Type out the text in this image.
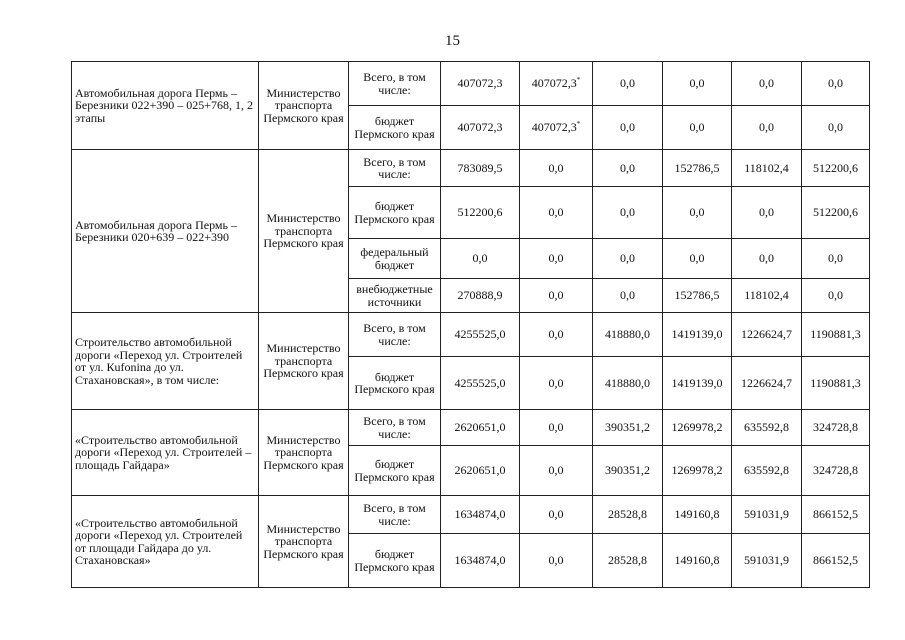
15
Автомобильная дорога Пермь – Березники 022+390 – 025+768, 1, 2 этапы	Министерство транспорта Пермского края	Всего, в том числе:	407072,3	407072,3*	0,0	0,0	0,0	0,0
		бюджет Пермского края	407072,3	407072,3*	0,0	0,0	0,0	0,0
Автомобильная дорога Пермь – Березники 020+639 – 022+390	Министерство транспорта Пермского края	Всего, в том числе:	783089,5	0,0	0,0	152786,5	118102,4	512200,6
		бюджет Пермского края	512200,6	0,0	0,0	0,0	0,0	512200,6
		федеральный бюджет	0,0	0,0	0,0	0,0	0,0	0,0
		внебюджетные источники	270888,9	0,0	0,0	152786,5	118102,4	0,0
Строительство автомобильной дороги «Переход ул. Строителей от ул. Кufonina до ул. Стахановская», в том числе:	Министерство транспорта Пермского края	Всего, в том числе:	4255525,0	0,0	418880,0	1419139,0	1226624,7	1190881,3
		бюджет Пермского края	4255525,0	0,0	418880,0	1419139,0	1226624,7	1190881,3
«Строительство автомобильной дороги «Переход ул. Строителей – площадь Гайдара»	Министерство транспорта Пермского края	Всего, в том числе:	2620651,0	0,0	390351,2	1269978,2	635592,8	324728,8
		бюджет Пермского края	2620651,0	0,0	390351,2	1269978,2	635592,8	324728,8
«Строительство автомобильной дороги «Переход ул. Строителей от площади Гайдара до ул. Стахановская»	Министерство транспорта Пермского края	Всего, в том числе:	1634874,0	0,0	28528,8	149160,8	591031,9	866152,5
		бюджет Пермского края	1634874,0	0,0	28528,8	149160,8	591031,9	866152,5
